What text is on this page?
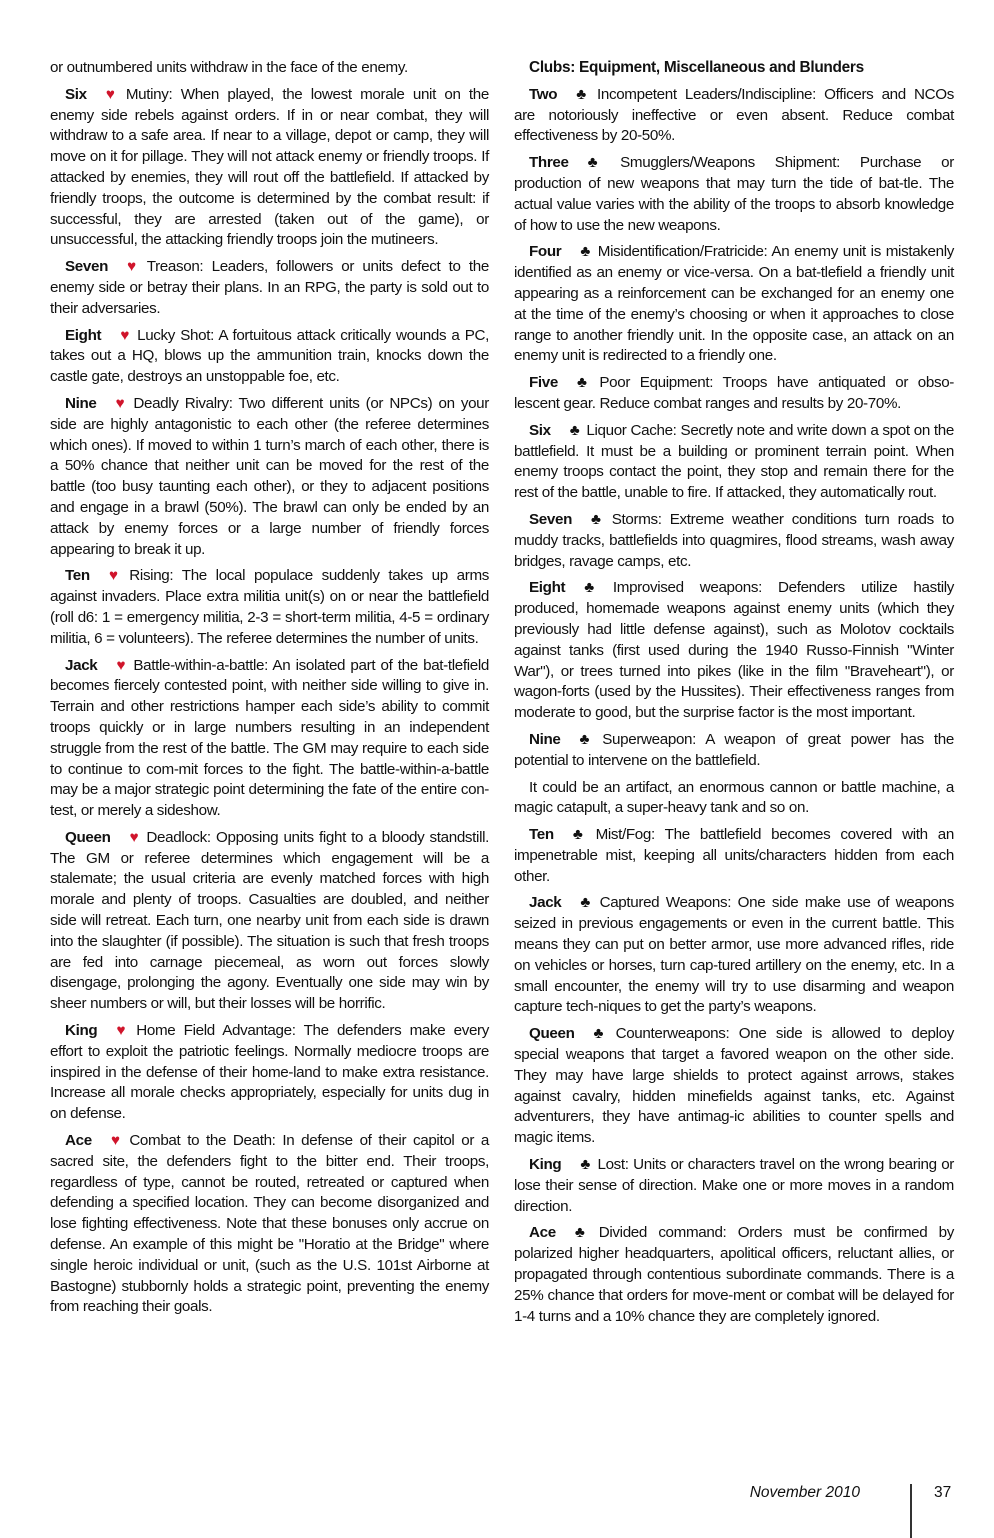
or outnumbered units withdraw in the face of the enemy.

Six ♥ Mutiny: When played, the lowest morale unit on the enemy side rebels against orders. If in or near combat, they will withdraw to a safe area. If near to a village, depot or camp, they will move on it for pillage. They will not attack enemy or friendly troops. If attacked by enemies, they will rout off the battlefield. If attacked by friendly troops, the outcome is determined by the combat result: if successful, they are arrested (taken out of the game), or unsuccessful, the attacking friendly troops join the mutineers.

Seven ♥ Treason: Leaders, followers or units defect to the enemy side or betray their plans. In an RPG, the party is sold out to their adversaries.

Eight ♥ Lucky Shot: A fortuitous attack critically wounds a PC, takes out a HQ, blows up the ammunition train, knocks down the castle gate, destroys an unstoppable foe, etc.

Nine ♥ Deadly Rivalry: Two different units (or NPCs) on your side are highly antagonistic to each other (the referee determines which ones). If moved to within 1 turn’s march of each other, there is a 50% chance that neither unit can be moved for the rest of the battle (too busy taunting each other), or they to adjacent positions and engage in a brawl (50%). The brawl can only be ended by an attack by enemy forces or a large number of friendly forces appearing to break it up.

Ten ♥ Rising: The local populace suddenly takes up arms against invaders. Place extra militia unit(s) on or near the battlefield (roll d6: 1 = emergency militia, 2-3 = short-term militia, 4-5 = ordinary militia, 6 = volunteers). The referee determines the number of units.

Jack ♥ Battle-within-a-battle: An isolated part of the bat-tlefield becomes fiercely contested point, with neither side willing to give in. Terrain and other restrictions hamper each side’s ability to commit troops quickly or in large numbers resulting in an independent struggle from the rest of the battle. The GM may require to each side to continue to com-mit forces to the fight. The battle-within-a-battle may be a major strategic point determining the fate of the entire con-test, or merely a sideshow.

Queen ♥ Deadlock: Opposing units fight to a bloody standstill. The GM or referee determines which engagement will be a stalemate; the usual criteria are evenly matched forces with high morale and plenty of troops. Casualties are doubled, and neither side will retreat. Each turn, one nearby unit from each side is drawn into the slaughter (if possible). The situation is such that fresh troops are fed into carnage piecemeal, as worn out forces slowly disengage, prolonging the agony. Eventually one side may win by sheer numbers or will, but their losses will be horrific.

King ♥ Home Field Advantage: The defenders make every effort to exploit the patriotic feelings. Normally mediocre troops are inspired in the defense of their home-land to make extra resistance. Increase all morale checks appropriately, especially for units dug in on defense.

Ace ♥ Combat to the Death: In defense of their capitol or a sacred site, the defenders fight to the bitter end. Their troops, regardless of type, cannot be routed, retreated or captured when defending a specified location. They can become disorganized and lose fighting effectiveness. Note that these bonuses only accrue on defense. An example of this might be "Horatio at the Bridge" where single heroic individual or unit, (such as the U.S. 101st Airborne at Bastogne) stubbornly holds a strategic point, preventing the enemy from reaching their goals.

Clubs: Equipment, Miscellaneous and Blunders

Two ♣ Incompetent Leaders/Indiscipline: Officers and NCOs are notoriously ineffective or even absent. Reduce combat effectiveness by 20-50%.

Three ♣ Smugglers/Weapons Shipment: Purchase or production of new weapons that may turn the tide of bat-tle. The actual value varies with the ability of the troops to absorb knowledge of how to use the new weapons.

Four ♣ Misidentification/Fratricide: An enemy unit is mistakenly identified as an enemy or vice-versa. On a bat-tlefield a friendly unit appearing as a reinforcement can be exchanged for an enemy one at the time of the enemy’s choosing or when it approaches to close range to another friendly unit. In the opposite case, an attack on an enemy unit is redirected to a friendly one.

Five ♣ Poor Equipment: Troops have antiquated or obso-lescent gear. Reduce combat ranges and results by 20-70%.

Six ♣ Liquor Cache: Secretly note and write down a spot on the battlefield. It must be a building or prominent terrain point. When enemy troops contact the point, they stop and remain there for the rest of the battle, unable to fire. If attacked, they automatically rout.

Seven ♣ Storms: Extreme weather conditions turn roads to muddy tracks, battlefields into quagmires, flood streams, wash away bridges, ravage camps, etc.

Eight ♣ Improvised weapons: Defenders utilize hastily produced, homemade weapons against enemy units (which they previously had little defense against), such as Molotov cocktails against tanks (first used during the 1940 Russo-Finnish "Winter War"), or trees turned into pikes (like in the film "Braveheart"), or wagon-forts (used by the Hussites). Their effectiveness ranges from moderate to good, but the surprise factor is the most important.

Nine ♣ Superweapon: A weapon of great power has the potential to intervene on the battlefield.

It could be an artifact, an enormous cannon or battle machine, a magic catapult, a super-heavy tank and so on.

Ten ♣ Mist/Fog: The battlefield becomes covered with an impenetrable mist, keeping all units/characters hidden from each other.

Jack ♣ Captured Weapons: One side make use of weapons seized in previous engagements or even in the current battle. This means they can put on better armor, use more advanced rifles, ride on vehicles or horses, turn cap-tured artillery on the enemy, etc. In a small encounter, the enemy will try to use disarming and weapon capture tech-niques to get the party’s weapons.

Queen ♣ Counterweapons: One side is allowed to deploy special weapons that target a favored weapon on the other side. They may have large shields to protect against arrows, stakes against cavalry, hidden minefields against tanks, etc. Against adventurers, they have antimag-ic abilities to counter spells and magic items.

King ♣ Lost: Units or characters travel on the wrong bearing or lose their sense of direction. Make one or more moves in a random direction.

Ace ♣ Divided command: Orders must be confirmed by polarized higher headquarters, apolitical officers, reluctant allies, or propagated through contentious subordinate commands. There is a 25% chance that orders for move-ment or combat will be delayed for 1-4 turns and a 10% chance they are completely ignored.

November 2010	37
